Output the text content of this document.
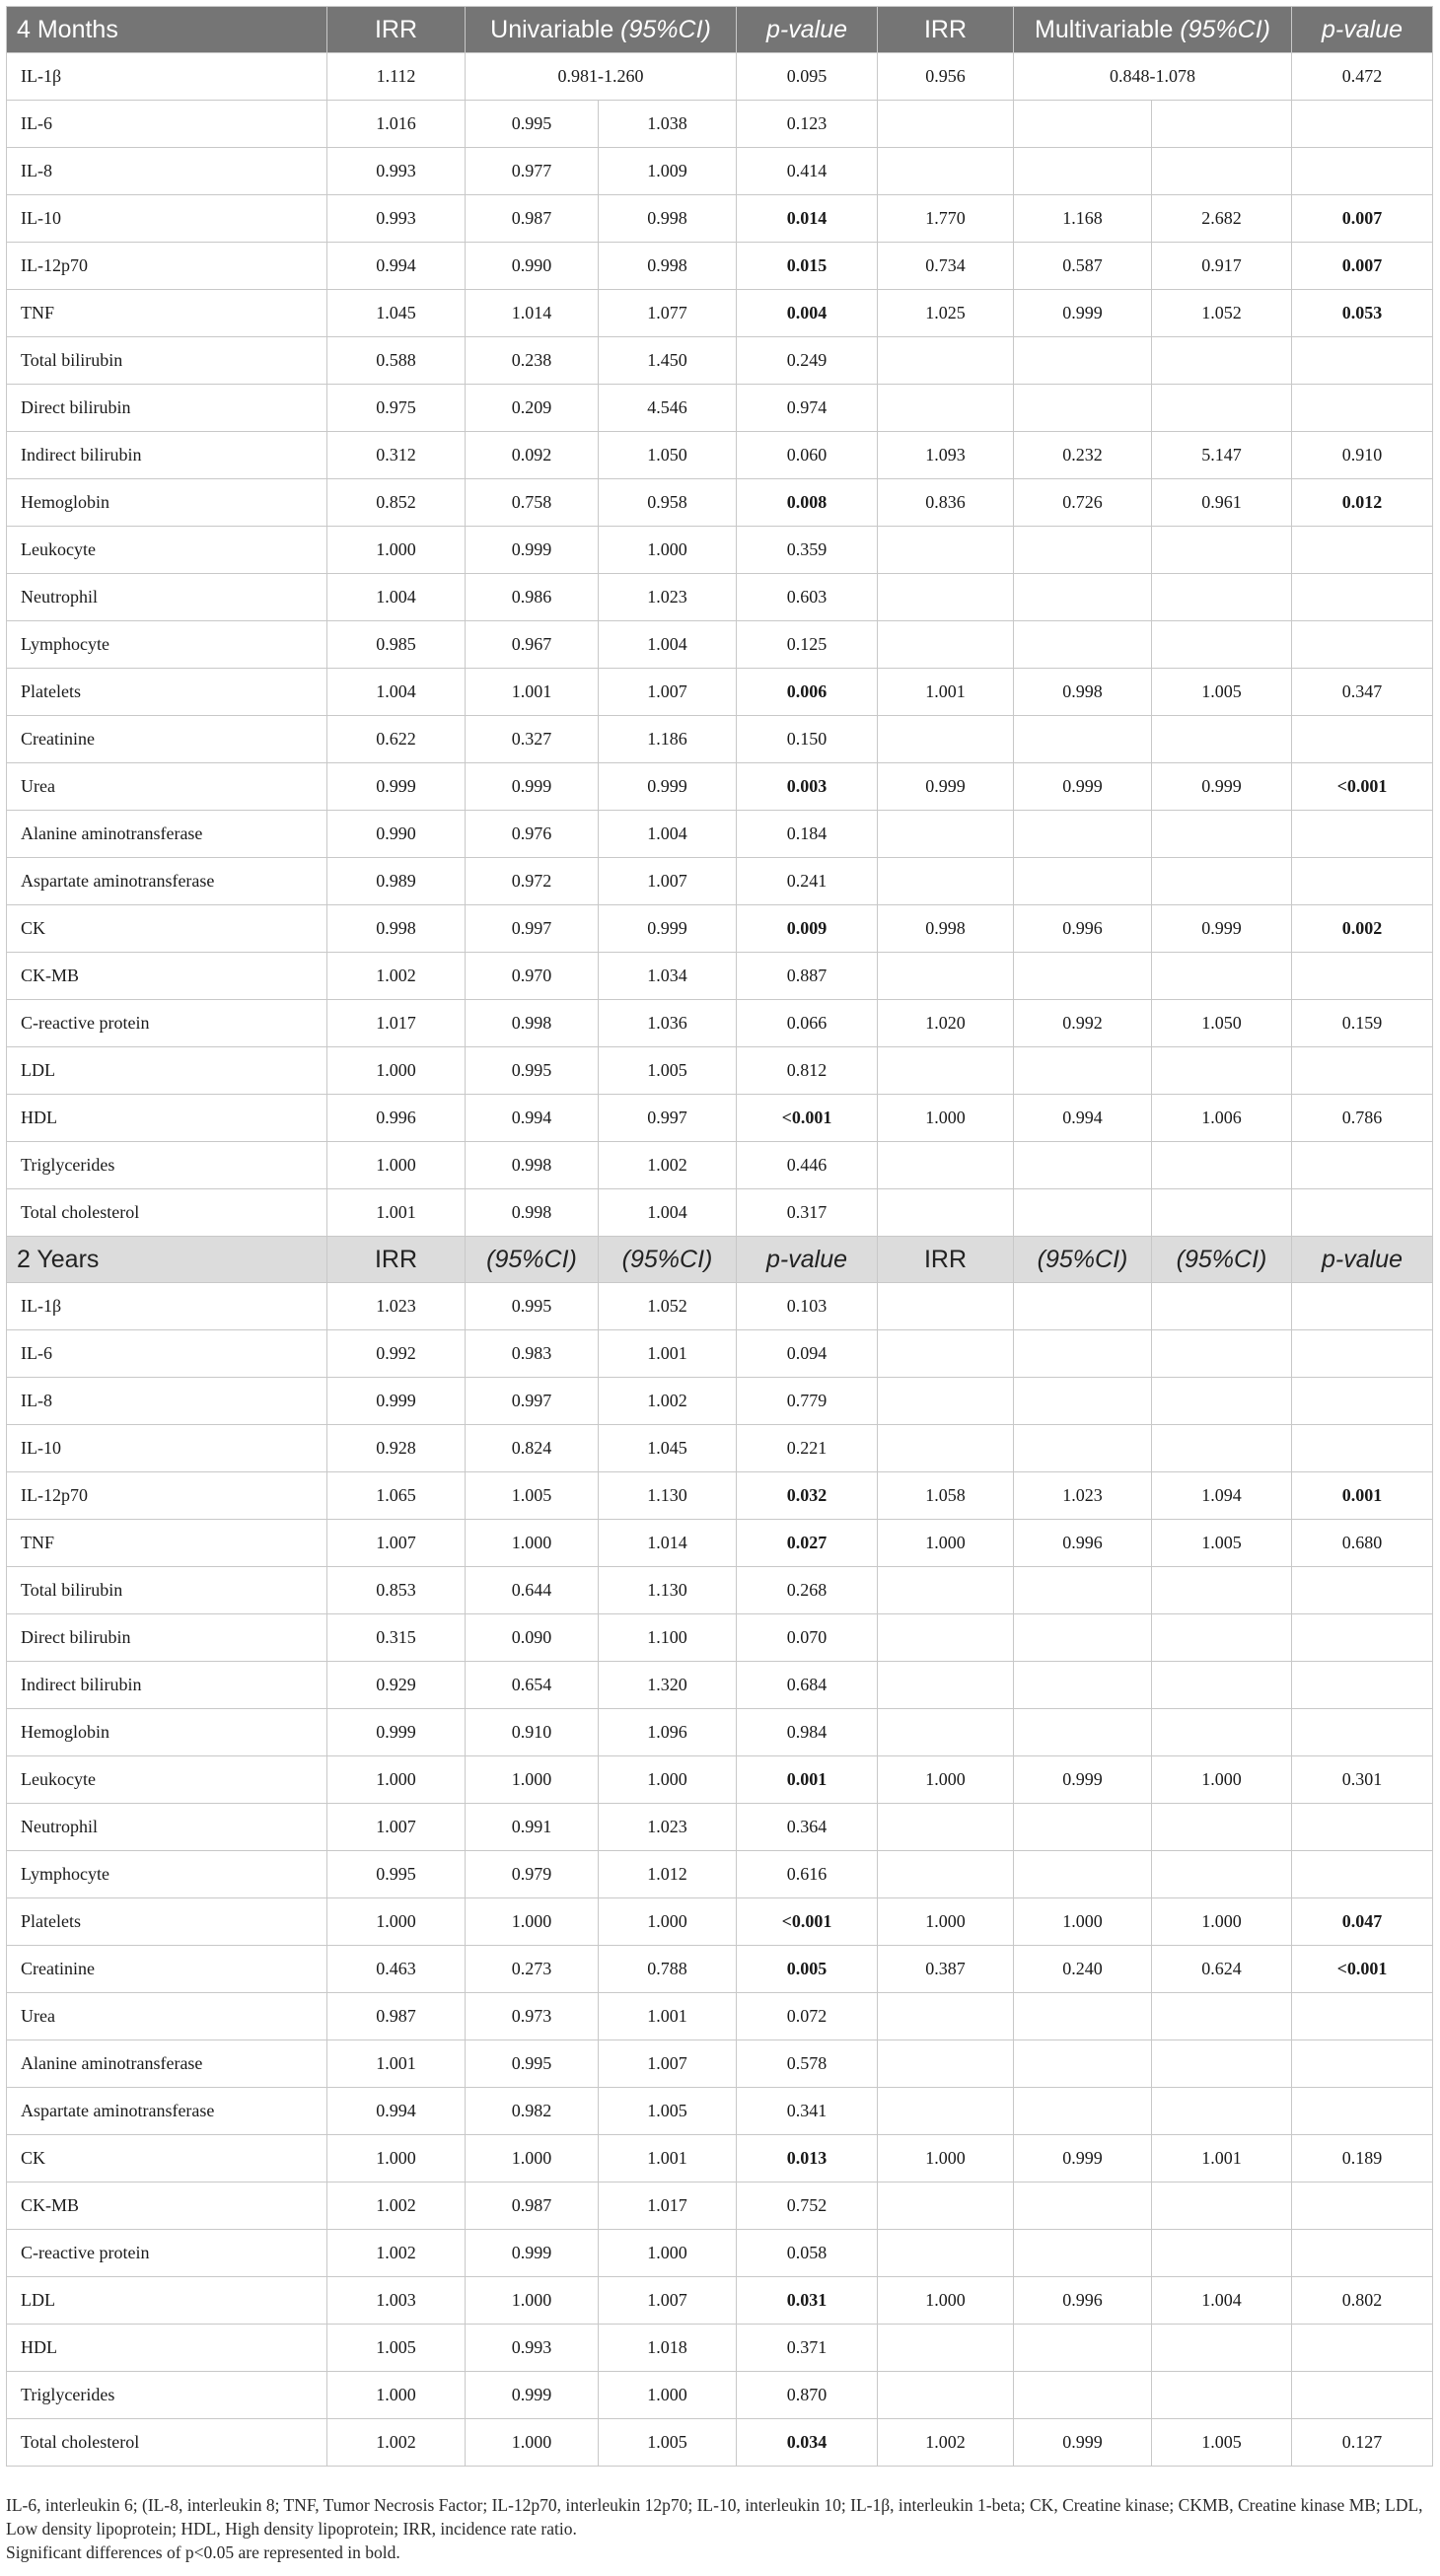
4 Months	IRR	Univariable (95%CI)		p-value	IRR	Multivariable (95%CI)		p-value
IL-1β	1.112	0.981-1.260		0.095	0.956	0.848-1.078		0.472
IL-6	1.016	0.995	1.038	0.123				
IL-8	0.993	0.977	1.009	0.414				
IL-10	0.993	0.987	0.998	0.014	1.770	1.168	2.682	0.007
IL-12p70	0.994	0.990	0.998	0.015	0.734	0.587	0.917	0.007
TNF	1.045	1.014	1.077	0.004	1.025	0.999	1.052	0.053
Total bilirubin	0.588	0.238	1.450	0.249				
Direct bilirubin	0.975	0.209	4.546	0.974				
Indirect bilirubin	0.312	0.092	1.050	0.060	1.093	0.232	5.147	0.910
Hemoglobin	0.852	0.758	0.958	0.008	0.836	0.726	0.961	0.012
Leukocyte	1.000	0.999	1.000	0.359				
Neutrophil	1.004	0.986	1.023	0.603				
Lymphocyte	0.985	0.967	1.004	0.125				
Platelets	1.004	1.001	1.007	0.006	1.001	0.998	1.005	0.347
Creatinine	0.622	0.327	1.186	0.150				
Urea	0.999	0.999	0.999	0.003	0.999	0.999	0.999	<0.001
Alanine aminotransferase	0.990	0.976	1.004	0.184				
Aspartate aminotransferase	0.989	0.972	1.007	0.241				
CK	0.998	0.997	0.999	0.009	0.998	0.996	0.999	0.002
CK-MB	1.002	0.970	1.034	0.887				
C-reactive protein	1.017	0.998	1.036	0.066	1.020	0.992	1.050	0.159
LDL	1.000	0.995	1.005	0.812				
HDL	0.996	0.994	0.997	<0.001	1.000	0.994	1.006	0.786
Triglycerides	1.000	0.998	1.002	0.446				
Total cholesterol	1.001	0.998	1.004	0.317				
2 Years	IRR	(95%CI)	(95%CI)	p-value	IRR	(95%CI)	(95%CI)	p-value
IL-1β	1.023	0.995	1.052	0.103				
IL-6	0.992	0.983	1.001	0.094				
IL-8	0.999	0.997	1.002	0.779				
IL-10	0.928	0.824	1.045	0.221				
IL-12p70	1.065	1.005	1.130	0.032	1.058	1.023	1.094	0.001
TNF	1.007	1.000	1.014	0.027	1.000	0.996	1.005	0.680
Total bilirubin	0.853	0.644	1.130	0.268				
Direct bilirubin	0.315	0.090	1.100	0.070				
Indirect bilirubin	0.929	0.654	1.320	0.684				
Hemoglobin	0.999	0.910	1.096	0.984				
Leukocyte	1.000	1.000	1.000	0.001	1.000	0.999	1.000	0.301
Neutrophil	1.007	0.991	1.023	0.364				
Lymphocyte	0.995	0.979	1.012	0.616				
Platelets	1.000	1.000	1.000	<0.001	1.000	1.000	1.000	0.047
Creatinine	0.463	0.273	0.788	0.005	0.387	0.240	0.624	<0.001
Urea	0.987	0.973	1.001	0.072				
Alanine aminotransferase	1.001	0.995	1.007	0.578				
Aspartate aminotransferase	0.994	0.982	1.005	0.341				
CK	1.000	1.000	1.001	0.013	1.000	0.999	1.001	0.189
CK-MB	1.002	0.987	1.017	0.752				
C-reactive protein	1.002	0.999	1.000	0.058				
LDL	1.003	1.000	1.007	0.031	1.000	0.996	1.004	0.802
HDL	1.005	0.993	1.018	0.371				
Triglycerides	1.000	0.999	1.000	0.870				
Total cholesterol	1.002	1.000	1.005	0.034	1.002	0.999	1.005	0.127

IL-6, interleukin 6; (IL-8, interleukin 8; TNF, Tumor Necrosis Factor; IL-12p70, interleukin 12p70; IL-10, interleukin 10; IL-1β, interleukin 1-beta; CK, Creatine kinase; CKMB, Creatine kinase MB; LDL, Low density lipoprotein; HDL, High density lipoprotein; IRR, incidence rate ratio.

Significant differences of p<0.05 are represented in bold.
